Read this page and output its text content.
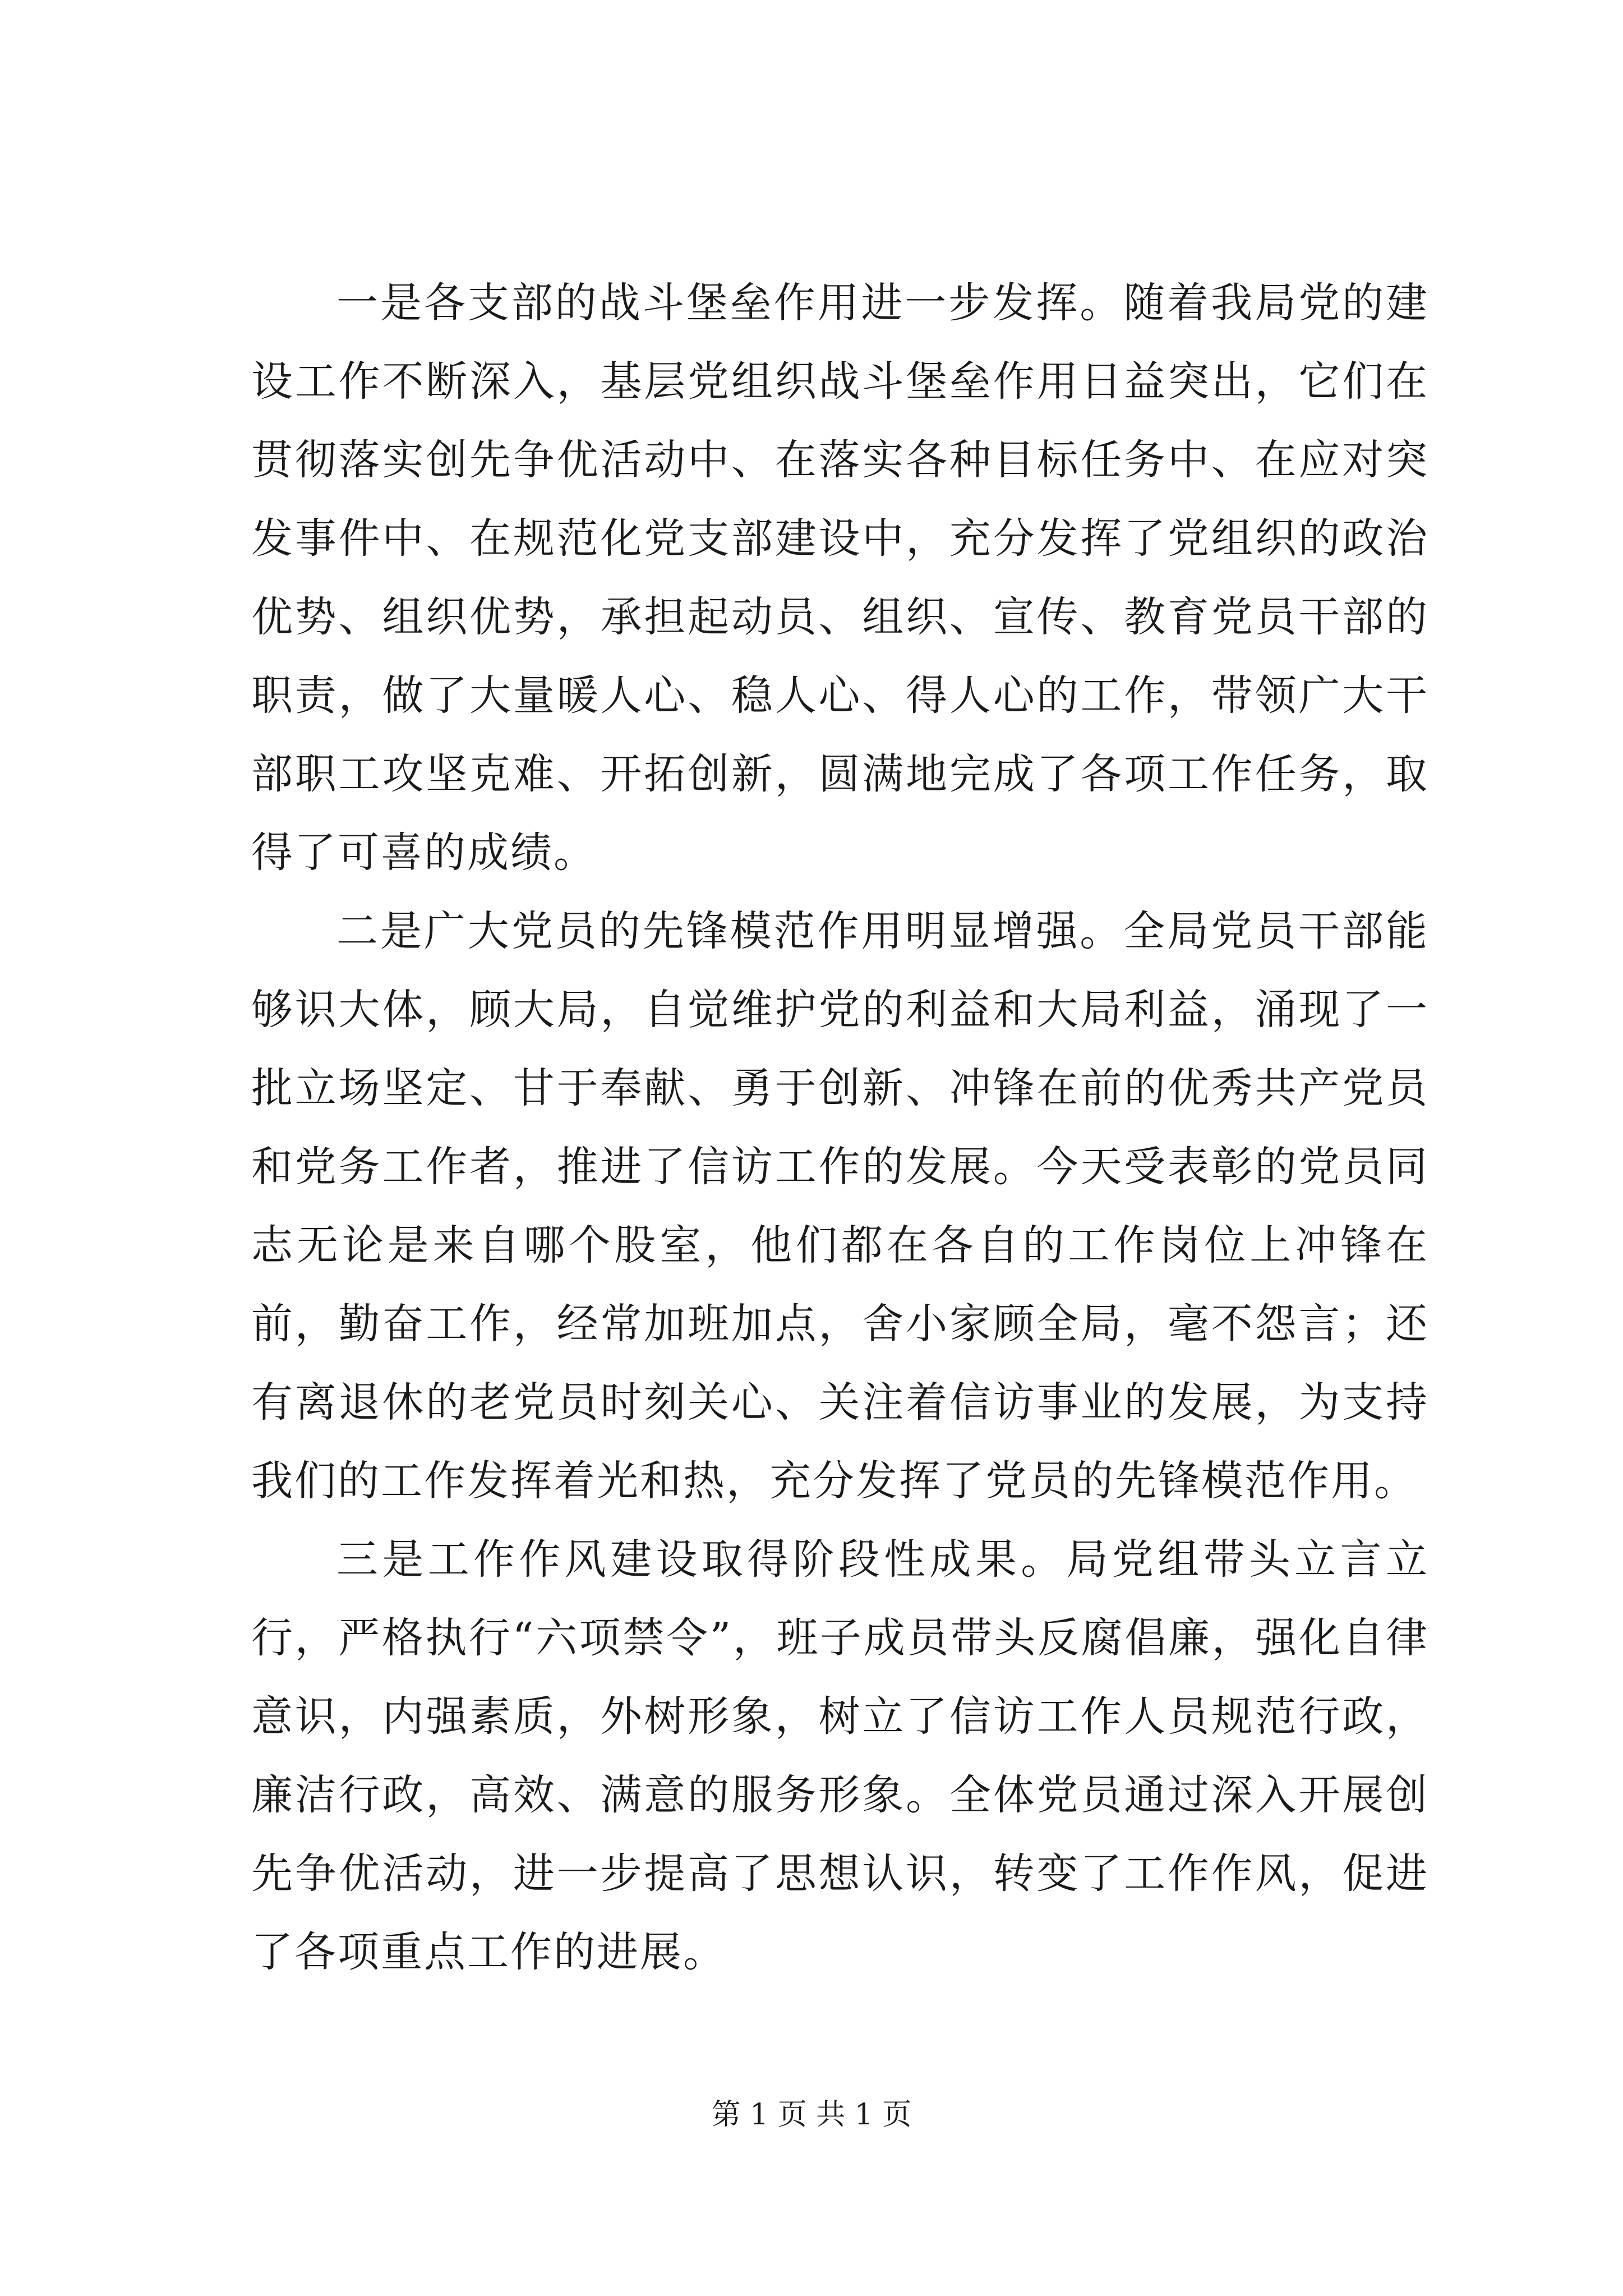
一是各支部的战斗堡垒作用进一步发挥。随着我局党的建设工作不断深入，基层党组织战斗堡垒作用日益突出，它们在贯彻落实创先争优活动中、在落实各种目标任务中、在应对突发事件中、在规范化党支部建设中，充分发挥了党组织的政治优势、组织优势，承担起动员、组织、宣传、教育党员干部的职责，做了大量暖人心、稳人心、得人心的工作，带领广大干部职工攻坚克难、开拓创新，圆满地完成了各项工作任务，取得了可喜的成绩。

二是广大党员的先锋模范作用明显增强。全局党员干部能够识大体，顾大局，自觉维护党的利益和大局利益，涌现了一批立场坚定、甘于奉献、勇于创新、冲锋在前的优秀共产党员和党务工作者，推进了信访工作的发展。今天受表彰的党员同志无论是来自哪个股室，他们都在各自的工作岗位上冲锋在前，勤奋工作，经常加班加点，舍小家顾全局，毫不怨言；还有离退休的老党员时刻关心、关注着信访事业的发展，为支持我们的工作发挥着光和热，充分发挥了党员的先锋模范作用。

三是工作作风建设取得阶段性成果。局党组带头立言立行，严格执行“六项禁令”，班子成员带头反腐倡廉，强化自律意识，内强素质，外树形象，树立了信访工作人员规范行政，廉洁行政，高效、满意的服务形象。全体党员通过深入开展创先争优活动，进一步提高了思想认识，转变了工作作风，促进了各项重点工作的进展。

第 1 页 共 1 页
